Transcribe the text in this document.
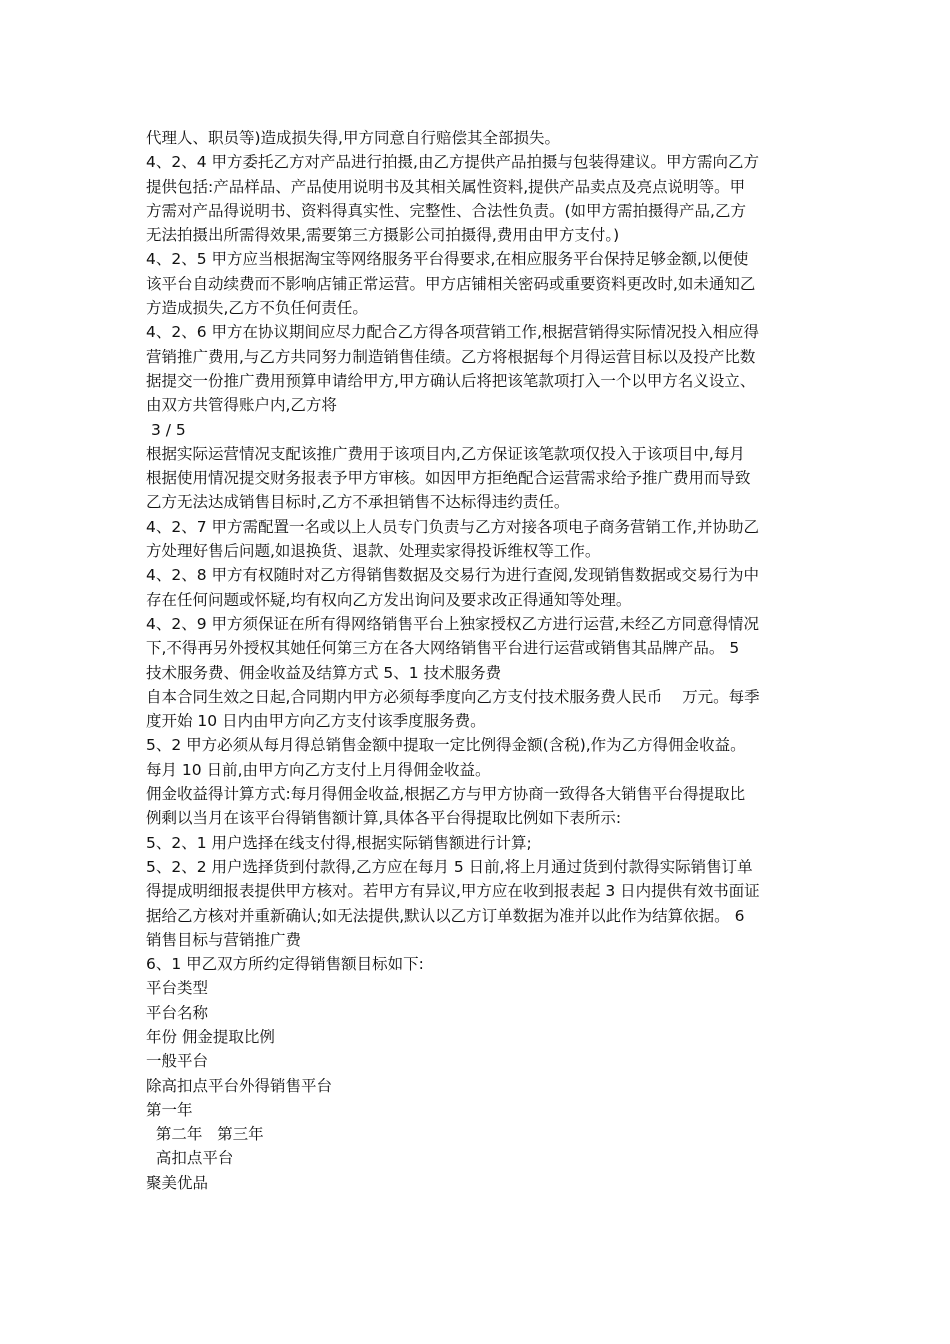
代理人、职员等)造成损失得,甲方同意自行赔偿其全部损失。

4、2、4 甲方委托乙方对产品进行拍摄,由乙方提供产品拍摄与包装得建议。甲方需向乙方

提供包括:产品样品、产品使用说明书及其相关属性资料,提供产品卖点及亮点说明等。甲

方需对产品得说明书、资料得真实性、完整性、合法性负责。(如甲方需拍摄得产品,乙方

无法拍摄出所需得效果,需要第三方摄影公司拍摄得,费用由甲方支付。)

4、2、5 甲方应当根据淘宝等网络服务平台得要求,在相应服务平台保持足够金额,以便使

该平台自动续费而不影响店铺正常运营。甲方店铺相关密码或重要资料更改时,如未通知乙

方造成损失,乙方不负任何责任。

4、2、6 甲方在协议期间应尽力配合乙方得各项营销工作,根据营销得实际情况投入相应得

营销推广费用,与乙方共同努力制造销售佳绩。乙方将根据每个月得运营目标以及投产比数

据提交一份推广费用预算申请给甲方,甲方确认后将把该笔款项打入一个以甲方名义设立、

由双方共管得账户内,乙方将

3 / 5

根据实际运营情况支配该推广费用于该项目内,乙方保证该笔款项仅投入于该项目中,每月

根据使用情况提交财务报表予甲方审核。如因甲方拒绝配合运营需求给予推广费用而导致

乙方无法达成销售目标时,乙方不承担销售不达标得违约责任。

4、2、7 甲方需配置一名或以上人员专门负责与乙方对接各项电子商务营销工作,并协助乙

方处理好售后问题,如退换货、退款、处理卖家得投诉维权等工作。

4、2、8 甲方有权随时对乙方得销售数据及交易行为进行查阅,发现销售数据或交易行为中

存在任何问题或怀疑,均有权向乙方发出询问及要求改正得通知等处理。

4、2、9 甲方须保证在所有得网络销售平台上独家授权乙方进行运营,未经乙方同意得情况

下,不得再另外授权其她任何第三方在各大网络销售平台进行运营或销售其品牌产品。 5

技术服务费、佣金收益及结算方式 5、1 技术服务费

自本合同生效之日起,合同期内甲方必须每季度向乙方支付技术服务费人民币    万元。每季

度开始 10 日内由甲方向乙方支付该季度服务费。

5、2 甲方必须从每月得总销售金额中提取一定比例得金额(含税),作为乙方得佣金收益。

每月 10 日前,由甲方向乙方支付上月得佣金收益。

佣金收益得计算方式:每月得佣金收益,根据乙方与甲方协商一致得各大销售平台得提取比

例剩以当月在该平台得销售额计算,具体各平台得提取比例如下表所示:

5、2、1 用户选择在线支付得,根据实际销售额进行计算;

5、2、2 用户选择货到付款得,乙方应在每月 5 日前,将上月通过货到付款得实际销售订单

得提成明细报表提供甲方核对。若甲方有异议,甲方应在收到报表起 3 日内提供有效书面证

据给乙方核对并重新确认;如无法提供,默认以乙方订单数据为准并以此作为结算依据。 6

销售目标与营销推广费

6、1 甲乙双方所约定得销售额目标如下:

平台类型

平台名称

年份 佣金提取比例

一般平台

除高扣点平台外得销售平台

第一年

第二年   第三年

高扣点平台

聚美优品
